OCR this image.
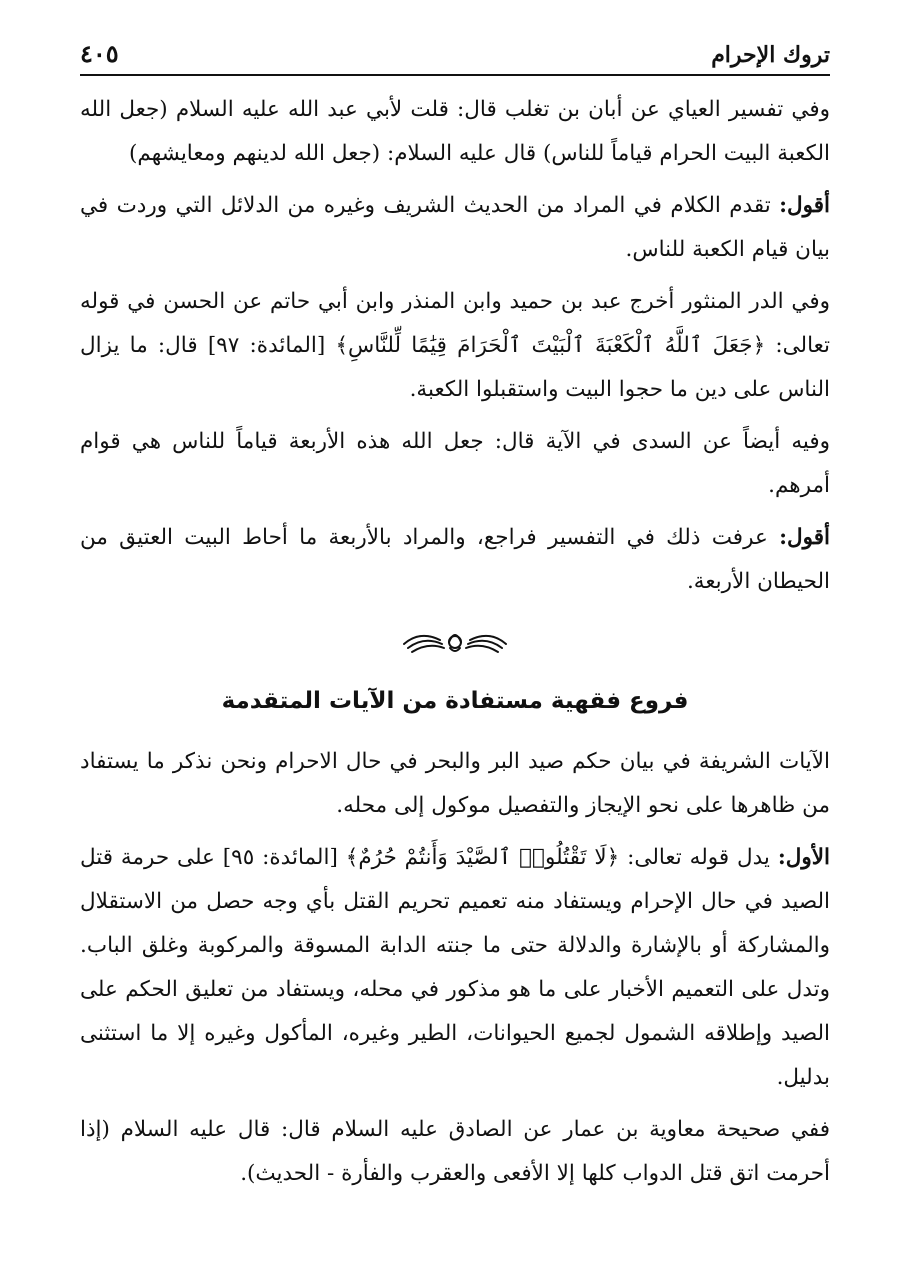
تروك الإحرام
٤٠٥

وفي تفسير العياي عن أبان بن تغلب قال: قلت لأبي عبد الله عليه السلام (جعل الله الكعبة البيت الحرام قياماً للناس) قال عليه السلام: (جعل الله لدينهم ومعايشهم)

أقول: تقدم الكلام في المراد من الحديث الشريف وغيره من الدلائل التي وردت في بيان قيام الكعبة للناس.

وفي الدر المنثور أخرج عبد بن حميد وابن المنذر وابن أبي حاتم عن الحسن في قوله تعالى: ﴿جَعَلَ ٱللَّهُ ٱلْكَعْبَةَ ٱلْبَيْتَ ٱلْحَرَامَ قِيَٰمًا لِّلنَّاسِ﴾ [المائدة: ٩٧] قال: ما يزال الناس على دين ما حجوا البيت واستقبلوا الكعبة.

وفيه أيضاً عن السدى في الآية قال: جعل الله هذه الأربعة قياماً للناس هي قوام أمرهم.

أقول: عرفت ذلك في التفسير فراجع، والمراد بالأربعة ما أحاط البيت العتيق من الحيطان الأربعة.

فروع فقهية مستفادة من الآيات المتقدمة

الآيات الشريفة في بيان حكم صيد البر والبحر في حال الاحرام ونحن نذكر ما يستفاد من ظاهرها على نحو الإيجاز والتفصيل موكول إلى محله.

الأول: يدل قوله تعالى: ﴿لَا تَقْتُلُوا۟ ٱلصَّيْدَ وَأَنتُمْ حُرُمٌ﴾ [المائدة: ٩٥] على حرمة قتل الصيد في حال الإحرام ويستفاد منه تعميم تحريم القتل بأي وجه حصل من الاستقلال والمشاركة أو بالإشارة والدلالة حتى ما جنته الدابة المسوقة والمركوبة وغلق الباب. وتدل على التعميم الأخبار على ما هو مذكور في محله، ويستفاد من تعليق الحكم على الصيد وإطلاقه الشمول لجميع الحيوانات، الطير وغيره، المأكول وغيره إلا ما استثنى بدليل.

ففي صحيحة معاوية بن عمار عن الصادق عليه السلام قال: قال عليه السلام (إذا أحرمت اتق قتل الدواب كلها إلا الأفعى والعقرب والفأرة - الحديث).
